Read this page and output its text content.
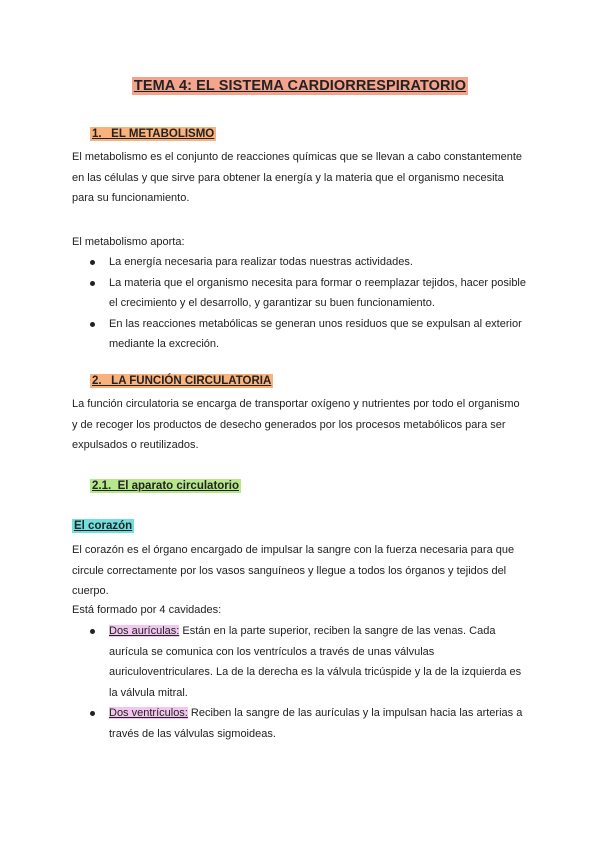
TEMA 4: EL SISTEMA CARDIORRESPIRATORIO
1.   EL METABOLISMO

El metabolismo es el conjunto de reacciones químicas que se llevan a cabo constantemente en las células y que sirve para obtener la energía y la materia que el organismo necesita para su funcionamiento.

El metabolismo aporta:

La energía necesaria para realizar todas nuestras actividades.
La materia que el organismo necesita para formar o reemplazar tejidos, hacer posible el crecimiento y el desarrollo, y garantizar su buen funcionamiento.
En las reacciones metabólicas se generan unos residuos que se expulsan al exterior mediante la excreción.
2.   LA FUNCIÓN CIRCULATORIA

La función circulatoria se encarga de transportar oxígeno y nutrientes por todo el organismo y de recoger los productos de desecho generados por los procesos metabólicos para ser expulsados o reutilizados.

2.1.  El aparato circulatorio
El corazón

El corazón es el órgano encargado de impulsar la sangre con la fuerza necesaria para que circule correctamente por los vasos sanguíneos y llegue a todos los órganos y tejidos del cuerpo.

Está formado por 4 cavidades:

Dos aurículas: Están en la parte superior, reciben la sangre de las venas. Cada aurícula se comunica con los ventrículos a través de unas válvulas auriculoventriculares. La de la derecha es la válvula tricúspide y la de la izquierda es la válvula mitral.
Dos ventrículos: Reciben la sangre de las aurículas y la impulsan hacia las arterias a través de las válvulas sigmoideas.
